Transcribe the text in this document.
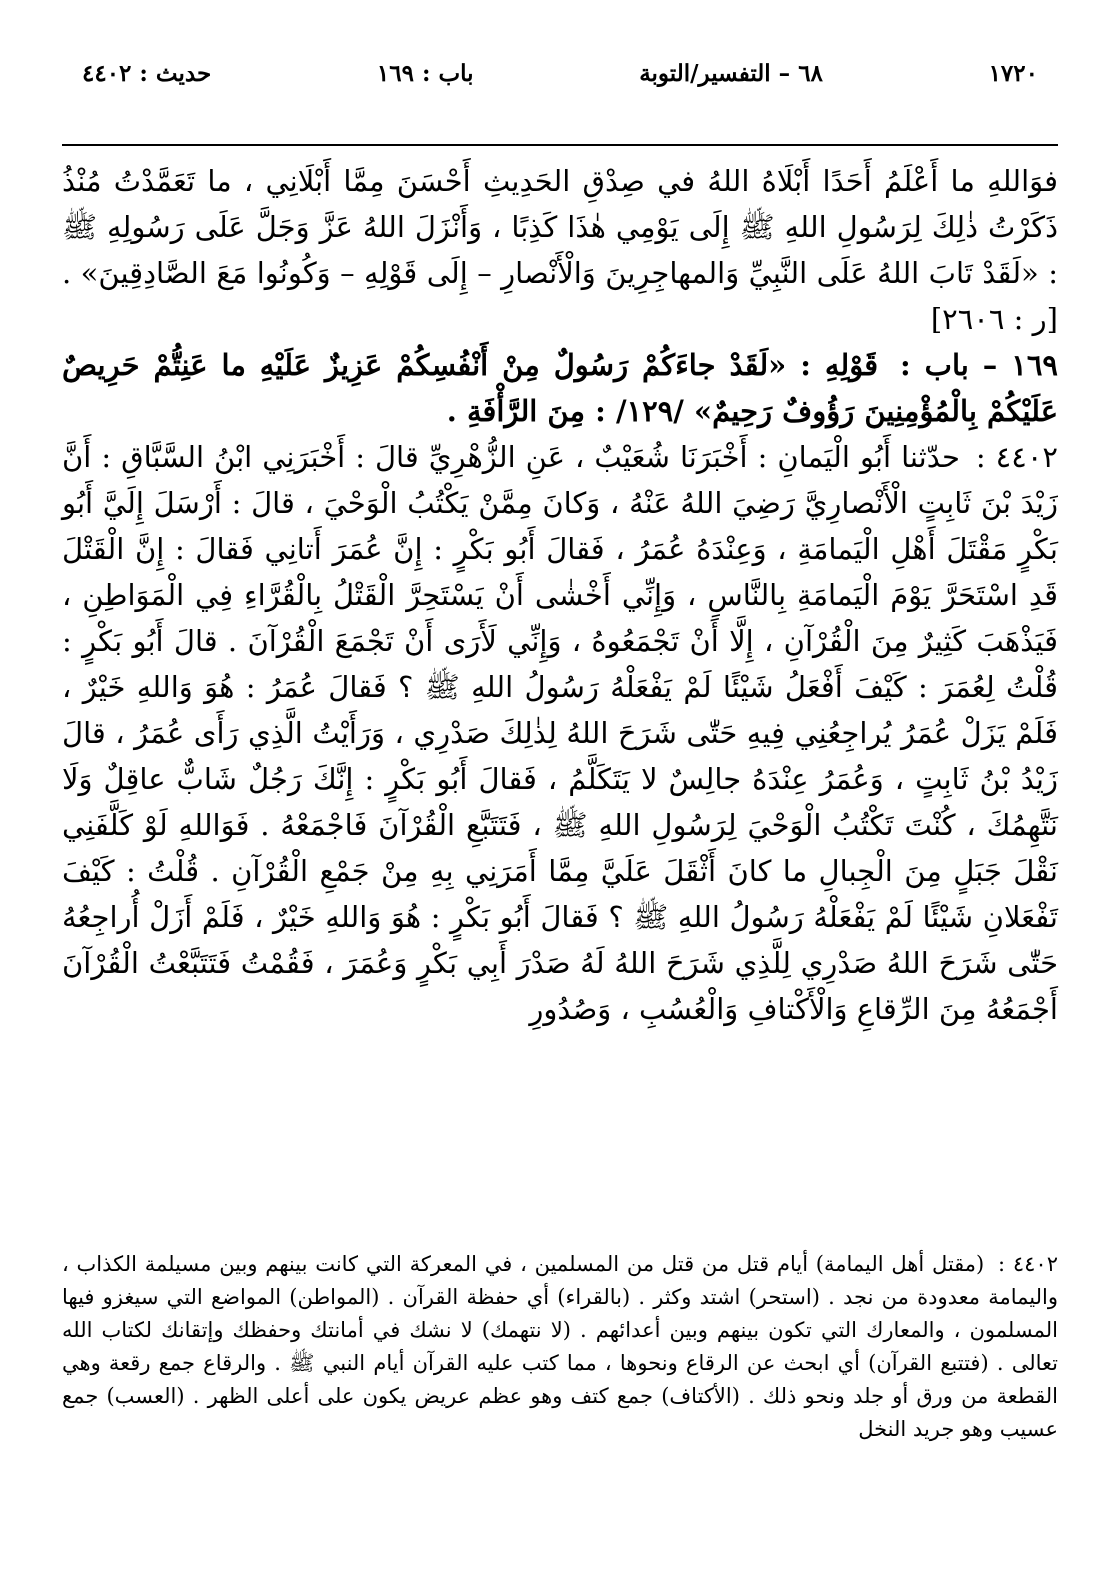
١٧٢٠
٦٨ – التفسير/التوبة
باب : ١٦٩
حديث : ٤٤٠٢

فوَاللهِ ما أَعْلَمُ أَحَدًا أَبْلَاهُ اللهُ في صِدْقِ الحَدِيثِ أَحْسَنَ مِمَّا أَبْلَانِي ، ما تَعَمَّدْتُ مُنْذُ ذَكَرْتُ ذٰلِكَ لِرَسُولِ اللهِ ﷺ إِلَى يَوْمِي هٰذَا كَذِبًا ، وَأَنْزَلَ اللهُ عَزَّ وَجَلَّ عَلَى رَسُولِهِ ﷺ : «لَقَدْ تَابَ اللهُ عَلَى النَّبِيِّ وَالمهاجِرِينَ وَالْأَنْصارِ – إِلَى قَوْلِهِ – وَكُونُوا مَعَ الصَّادِقِينَ» . [ر : ٢٦٠٦]

١٦٩ – باب : قَوْلِهِ : «لَقَدْ جاءَكُمْ رَسُولٌ مِنْ أَنْفُسِكُمْ عَزِيزٌ عَلَيْهِ ما عَنِتُّمْ حَرِيصٌ عَلَيْكُمْ بِالْمُؤْمِنِينَ رَؤُوفٌ رَحِيمٌ» /١٢٩/ : مِنَ الرَّأْفَةِ .

٤٤٠٢ : حدّثنا أَبُو الْيَمانِ : أَخْبَرَنَا شُعَيْبٌ ، عَنِ الزُّهْرِيِّ قالَ : أَخْبَرَنِي ابْنُ السَّبَّاقِ : أَنَّ زَيْدَ بْنَ ثَابِتٍ الْأَنْصارِيَّ رَضِيَ اللهُ عَنْهُ ، وَكانَ مِمَّنْ يَكْتُبُ الْوَحْيَ ، قالَ : أَرْسَلَ إِلَيَّ أَبُو بَكْرٍ مَقْتَلَ أَهْلِ الْيَمامَةِ ، وَعِنْدَهُ عُمَرُ ، فَقالَ أَبُو بَكْرٍ : إِنَّ عُمَرَ أَتانِي فَقالَ : إِنَّ الْقَتْلَ قَدِ اسْتَحَرَّ يَوْمَ الْيَمامَةِ بِالنَّاسِ ، وَإِنِّي أَخْشٰى أَنْ يَسْتَحِرَّ الْقَتْلُ بِالْقُرَّاءِ فِي الْمَوَاطِنِ ، فَيَذْهَبَ كَثِيرٌ مِنَ الْقُرْآنِ ، إِلَّا أَنْ تَجْمَعُوهُ ، وَإِنِّي لَأَرَى أَنْ تَجْمَعَ الْقُرْآنَ . قالَ أَبُو بَكْرٍ : قُلْتُ لِعُمَرَ : كَيْفَ أَفْعَلُ شَيْئًا لَمْ يَفْعَلْهُ رَسُولُ اللهِ ﷺ ؟ فَقالَ عُمَرُ : هُوَ وَاللهِ خَيْرٌ ، فَلَمْ يَزَلْ عُمَرُ يُراجِعُنِي فِيهِ حَتّٰى شَرَحَ اللهُ لِذٰلِكَ صَدْرِي ، وَرَأَيْتُ الَّذِي رَأَى عُمَرُ ، قالَ زَيْدُ بْنُ ثَابِتٍ ، وَعُمَرُ عِنْدَهُ جالِسٌ لا يَتَكَلَّمُ ، فَقالَ أَبُو بَكْرٍ : إِنَّكَ رَجُلٌ شَابٌّ عاقِلٌ وَلَا نَتَّهِمُكَ ، كُنْتَ تَكْتُبُ الْوَحْيَ لِرَسُولِ اللهِ ﷺ ، فَتَتَبَّعِ الْقُرْآنَ فَاجْمَعْهُ . فَوَاللهِ لَوْ كَلَّفَنِي نَقْلَ جَبَلٍ مِنَ الْجِبالِ ما كانَ أَثْقَلَ عَلَيَّ مِمَّا أَمَرَنِي بِهِ مِنْ جَمْعِ الْقُرْآنِ . قُلْتُ : كَيْفَ تَفْعَلانِ شَيْئًا لَمْ يَفْعَلْهُ رَسُولُ اللهِ ﷺ ؟ فَقالَ أَبُو بَكْرٍ : هُوَ وَاللهِ خَيْرٌ ، فَلَمْ أَزَلْ أُراجِعُهُ حَتّٰى شَرَحَ اللهُ صَدْرِي لِلَّذِي شَرَحَ اللهُ لَهُ صَدْرَ أَبِي بَكْرٍ وَعُمَرَ ، فَقُمْتُ فَتَتَبَّعْتُ الْقُرْآنَ أَجْمَعُهُ مِنَ الرِّقاعِ وَالْأَكْتافِ وَالْعُسُبِ ، وَصُدُورِ

٤٤٠٢ : (مقتل أهل اليمامة) أيام قتل من قتل من المسلمين ، في المعركة التي كانت بينهم وبين مسيلمة الكذاب ، واليمامة معدودة من نجد . (استحر) اشتد وكثر . (بالقراء) أي حفظة القرآن . (المواطن) المواضع التي سيغزو فيها المسلمون ، والمعارك التي تكون بينهم وبين أعدائهم . (لا نتهمك) لا نشك في أمانتك وحفظك وإتقانك لكتاب الله تعالى . (فتتبع القرآن) أي ابحث عن الرقاع ونحوها ، مما كتب عليه القرآن أيام النبي ﷺ . والرقاع جمع رقعة وهي القطعة من ورق أو جلد ونحو ذلك . (الأكتاف) جمع كتف وهو عظم عريض يكون على أعلى الظهر . (العسب) جمع عسيب وهو جريد النخل
